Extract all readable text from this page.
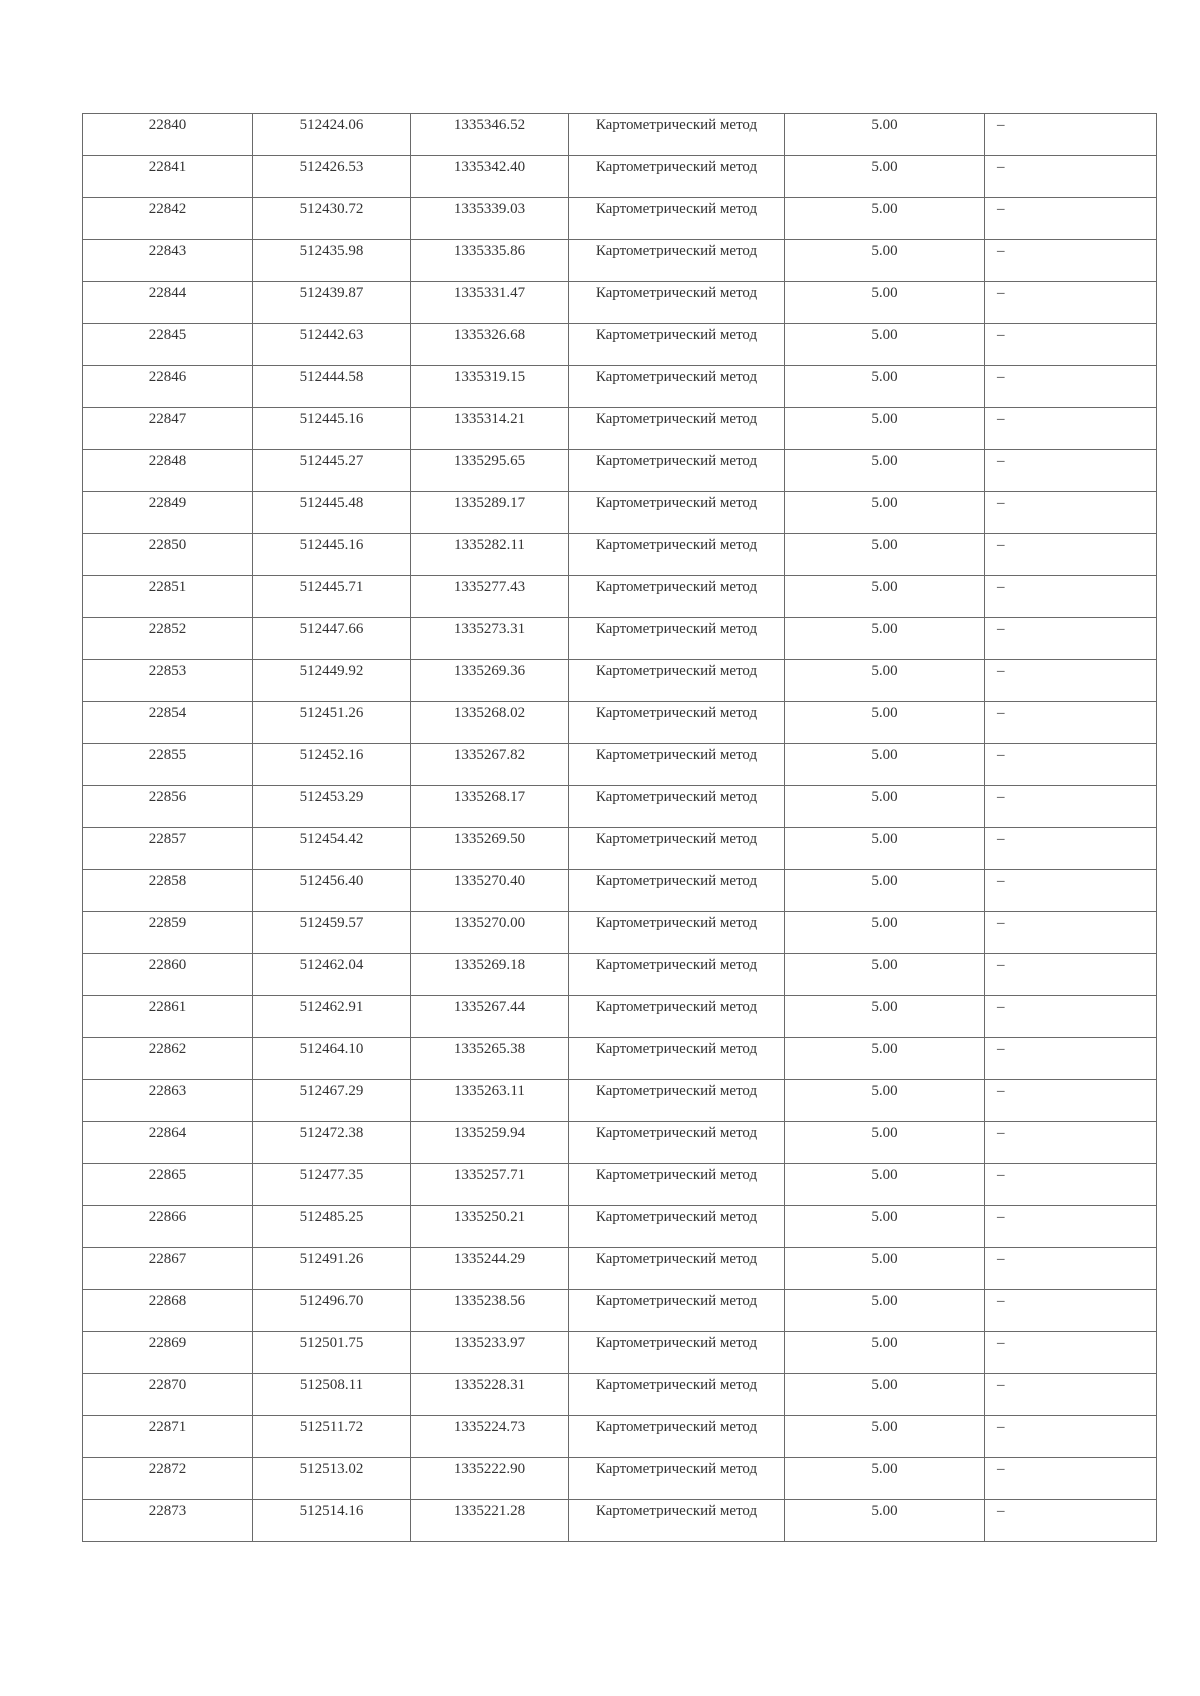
22840	512424.06	1335346.52	Картометрический метод	5.00	–
22841	512426.53	1335342.40	Картометрический метод	5.00	–
22842	512430.72	1335339.03	Картометрический метод	5.00	–
22843	512435.98	1335335.86	Картометрический метод	5.00	–
22844	512439.87	1335331.47	Картометрический метод	5.00	–
22845	512442.63	1335326.68	Картометрический метод	5.00	–
22846	512444.58	1335319.15	Картометрический метод	5.00	–
22847	512445.16	1335314.21	Картометрический метод	5.00	–
22848	512445.27	1335295.65	Картометрический метод	5.00	–
22849	512445.48	1335289.17	Картометрический метод	5.00	–
22850	512445.16	1335282.11	Картометрический метод	5.00	–
22851	512445.71	1335277.43	Картометрический метод	5.00	–
22852	512447.66	1335273.31	Картометрический метод	5.00	–
22853	512449.92	1335269.36	Картометрический метод	5.00	–
22854	512451.26	1335268.02	Картометрический метод	5.00	–
22855	512452.16	1335267.82	Картометрический метод	5.00	–
22856	512453.29	1335268.17	Картометрический метод	5.00	–
22857	512454.42	1335269.50	Картометрический метод	5.00	–
22858	512456.40	1335270.40	Картометрический метод	5.00	–
22859	512459.57	1335270.00	Картометрический метод	5.00	–
22860	512462.04	1335269.18	Картометрический метод	5.00	–
22861	512462.91	1335267.44	Картометрический метод	5.00	–
22862	512464.10	1335265.38	Картометрический метод	5.00	–
22863	512467.29	1335263.11	Картометрический метод	5.00	–
22864	512472.38	1335259.94	Картометрический метод	5.00	–
22865	512477.35	1335257.71	Картометрический метод	5.00	–
22866	512485.25	1335250.21	Картометрический метод	5.00	–
22867	512491.26	1335244.29	Картометрический метод	5.00	–
22868	512496.70	1335238.56	Картометрический метод	5.00	–
22869	512501.75	1335233.97	Картометрический метод	5.00	–
22870	512508.11	1335228.31	Картометрический метод	5.00	–
22871	512511.72	1335224.73	Картометрический метод	5.00	–
22872	512513.02	1335222.90	Картометрический метод	5.00	–
22873	512514.16	1335221.28	Картометрический метод	5.00	–
